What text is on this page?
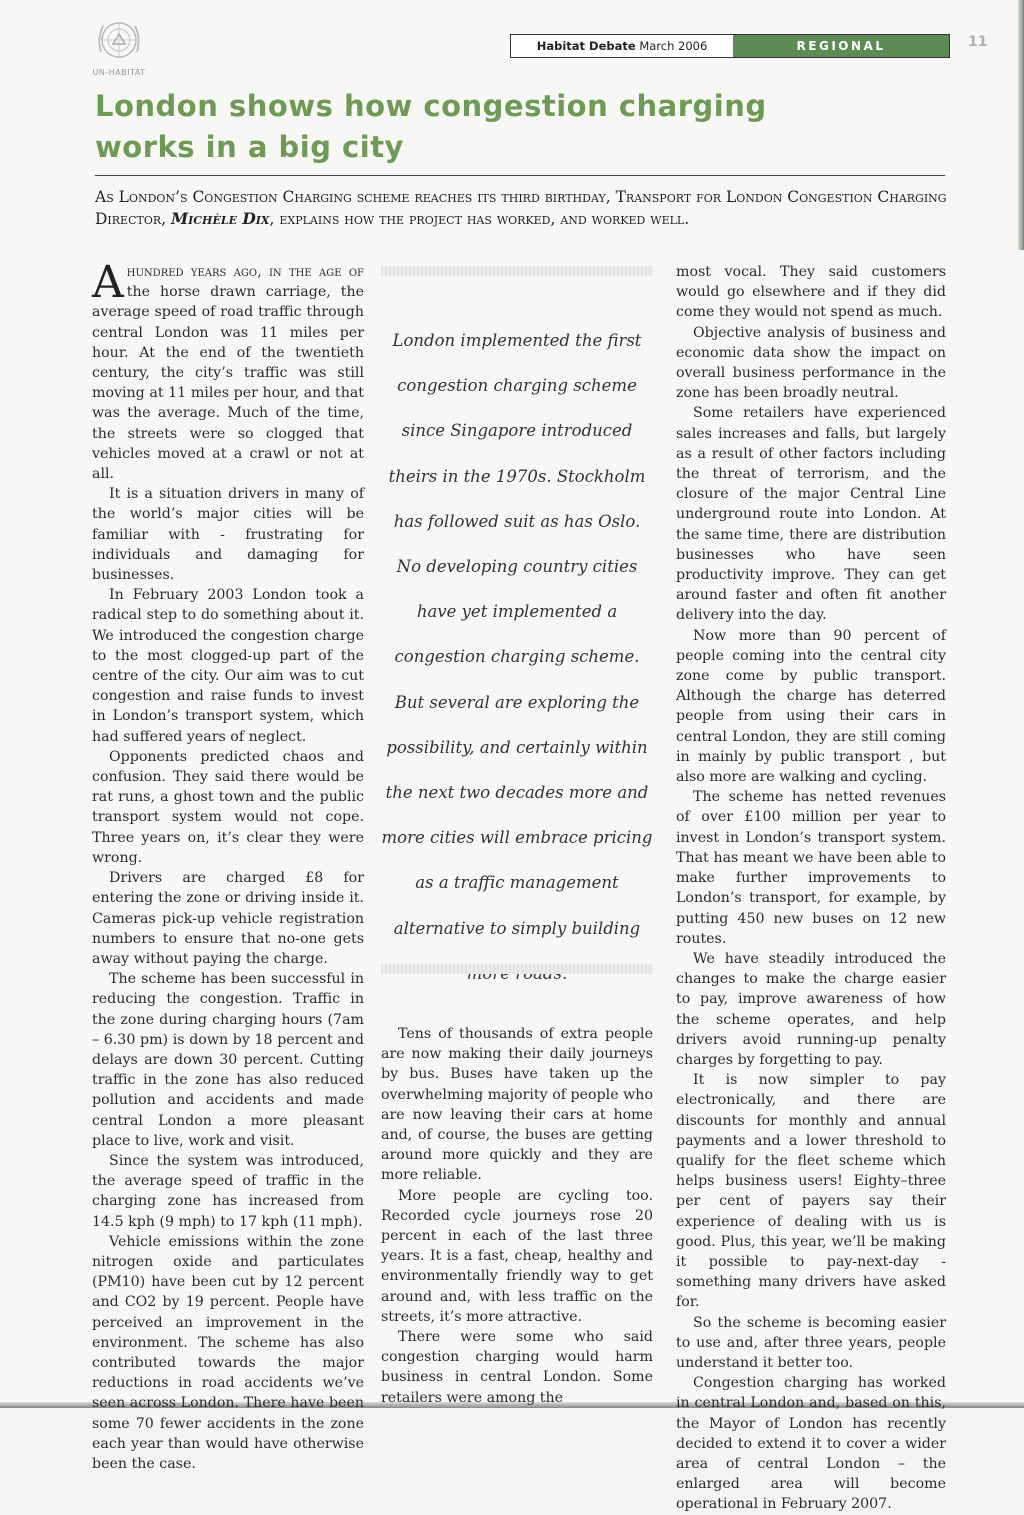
UN-HABITAT
Habitat Debate March 2006	REGIONAL	11
London shows how congestion charging
works in a big city

As London’s Congestion Charging scheme reaches its third birthday, Transport for London Congestion Charging Director, Michèle Dix, explains how the project has worked, and worked well.

Ahundred years ago, in the age of the horse drawn carriage, the average speed of road traffic through central London was 11 miles per hour. At the end of the twentieth century, the city’s traffic was still moving at 11 miles per hour, and that was the average. Much of the time, the streets were so clogged that vehicles moved at a crawl or not at all.

It is a situation drivers in many of the world’s major cities will be familiar with - frustrating for individuals and damaging for businesses.

In February 2003 London took a radical step to do something about it. We introduced the congestion charge to the most clogged-up part of the centre of the city. Our aim was to cut congestion and raise funds to invest in London’s transport system, which had suffered years of neglect.

Opponents predicted chaos and confusion. They said there would be rat runs, a ghost town and the public transport system would not cope. Three years on, it’s clear they were wrong.

Drivers are charged £8 for entering the zone or driving inside it. Cameras pick-up vehicle registration numbers to ensure that no-one gets away without paying the charge.

The scheme has been successful in reducing the congestion. Traffic in the zone during charging hours (7am – 6.30 pm) is down by 18 percent and delays are down 30 percent. Cutting traffic in the zone has also reduced pollution and accidents and made central London a more pleasant place to live, work and visit.

Since the system was introduced, the average speed of traffic in the charging zone has increased from 14.5 kph (9 mph) to 17 kph (11 mph).

Vehicle emissions within the zone nitrogen oxide and particulates (PM10) have been cut by 12 percent and CO2 by 19 percent. People have perceived an improvement in the environment. The scheme has also contributed towards the major reductions in road accidents we’ve seen across London. There have been some 70 fewer accidents in the zone each year than would have otherwise been the case.

London implemented the first congestion charging scheme since Singapore introduced theirs in the 1970s. Stockholm has followed suit as has Oslo. No developing country cities have yet implemented a congestion charging scheme. But several are exploring the possibility, and certainly within the next two decades more and more cities will embrace pricing as a traffic management alternative to simply building

Tens of thousands of extra people are now making their daily journeys by bus. Buses have taken up the overwhelming majority of people who are now leaving their cars at home and, of course, the buses are getting around more quickly and they are more reliable.

More people are cycling too. Recorded cycle journeys rose 20 percent in each of the last three years. It is a fast, cheap, healthy and environmentally friendly way to get around and, with less traffic on the streets, it’s more attractive.

There were some who said congestion charging would harm business in central London. Some retailers were among the

most vocal. They said customers would go elsewhere and if they did come they would not spend as much.

Objective analysis of business and economic data show the impact on overall business performance in the zone has been broadly neutral.

Some retailers have experienced sales increases and falls, but largely as a result of other factors including the threat of terrorism, and the closure of the major Central Line underground route into London. At the same time, there are distribution businesses who have seen productivity improve. They can get around faster and often fit another delivery into the day.

Now more than 90 percent of people coming into the central city zone come by public transport. Although the charge has deterred people from using their cars in central London, they are still coming in mainly by public transport , but also more are walking and cycling.

The scheme has netted revenues of over £100 million per year to invest in London’s transport system. That has meant we have been able to make further improvements to London’s transport, for example, by putting 450 new buses on 12 new routes.

We have steadily introduced the changes to make the charge easier to pay, improve awareness of how the scheme operates, and help drivers avoid running-up penalty charges by forgetting to pay.

It is now simpler to pay electronically, and there are discounts for monthly and annual payments and a lower threshold to qualify for the fleet scheme which helps business users! Eighty–three per cent of payers say their experience of dealing with us is good. Plus, this year, we’ll be making it possible to pay-next-day - something many drivers have asked for.

So the scheme is becoming easier to use and, after three years, people understand it better too.

Congestion charging has worked in central London and, based on this, the Mayor of London has recently decided to extend it to cover a wider area of central London – the enlarged area will become operational in February 2007.
